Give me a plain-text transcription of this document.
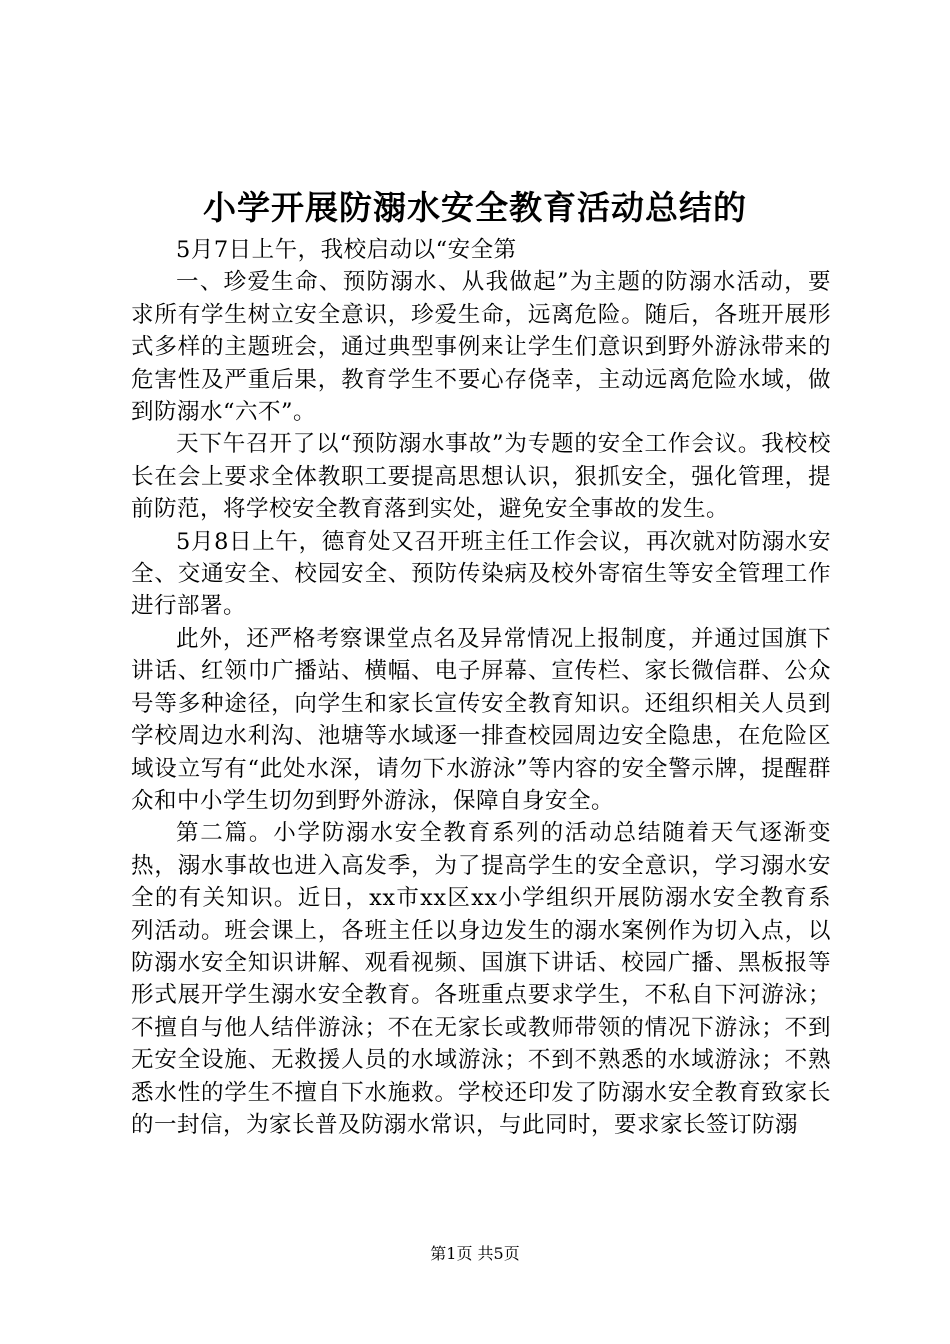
小学开展防溺水安全教育活动总结的

5月7日上午，我校启动以“安全第

一、珍爱生命、预防溺水、从我做起”为主题的防溺水活动，要求所有学生树立安全意识，珍爱生命，远离危险。随后，各班开展形式多样的主题班会，通过典型事例来让学生们意识到野外游泳带来的危害性及严重后果，教育学生不要心存侥幸，主动远离危险水域，做到防溺水“六不”。

天下午召开了以“预防溺水事故”为专题的安全工作会议。我校校长在会上要求全体教职工要提高思想认识，狠抓安全，强化管理，提前防范，将学校安全教育落到实处，避免安全事故的发生。

5月8日上午，德育处又召开班主任工作会议，再次就对防溺水安全、交通安全、校园安全、预防传染病及校外寄宿生等安全管理工作进行部署。

此外，还严格考察课堂点名及异常情况上报制度，并通过国旗下讲话、红领巾广播站、横幅、电子屏幕、宣传栏、家长微信群、公众号等多种途径，向学生和家长宣传安全教育知识。还组织相关人员到学校周边水利沟、池塘等水域逐一排查校园周边安全隐患，在危险区域设立写有“此处水深，请勿下水游泳”等内容的安全警示牌，提醒群众和中小学生切勿到野外游泳，保障自身安全。

第二篇。小学防溺水安全教育系列的活动总结随着天气逐渐变热，溺水事故也进入高发季，为了提高学生的安全意识，学习溺水安全的有关知识。近日，xx市xx区xx小学组织开展防溺水安全教育系列活动。班会课上，各班主任以身边发生的溺水案例作为切入点，以防溺水安全知识讲解、观看视频、国旗下讲话、校园广播、黑板报等形式展开学生溺水安全教育。各班重点要求学生，不私自下河游泳；不擅自与他人结伴游泳；不在无家长或教师带领的情况下游泳；不到无安全设施、无救援人员的水域游泳；不到不熟悉的水域游泳；不熟悉水性的学生不擅自下水施救。学校还印发了防溺水安全教育致家长的一封信，为家长普及防溺水常识，与此同时，要求家长签订防溺

第1页 共5页
